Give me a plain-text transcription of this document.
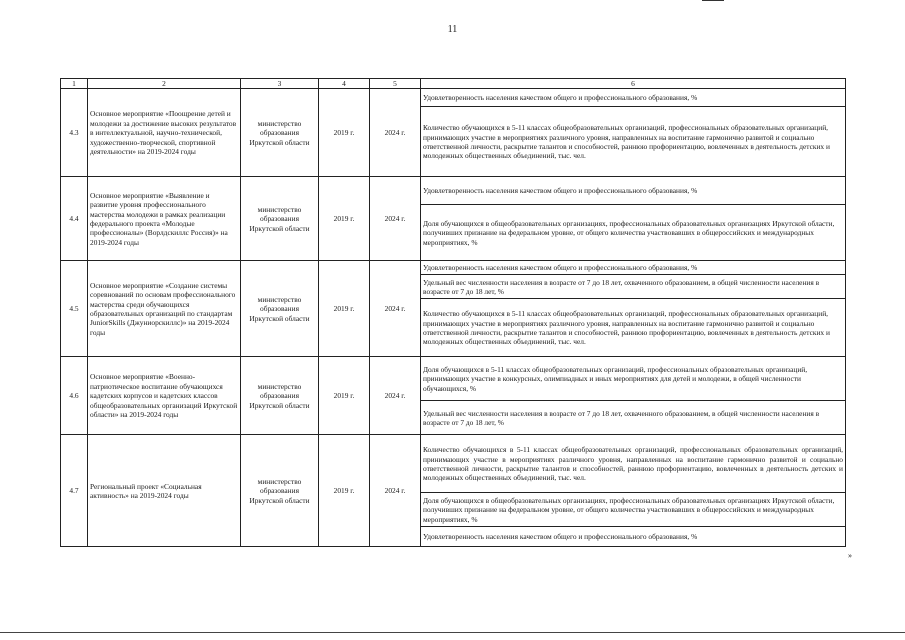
11
1	2	3	4	5	6
4.3	Основное мероприятие «Поощрение детей и молодежи за достижение высоких результатов в интеллектуальной, научно-технической, художественно-творческой, спортивной деятельности» на 2019-2024 годы	министерство образования Иркутской области	2019 г.	2024 г.	Удовлетворенность населения качеством общего и профессионального образования, %
					Количество обучающихся в 5-11 классах общеобразовательных организаций, профессиональных образовательных организаций, принимающих участие в мероприятиях различного уровня, направленных на воспитание гармонично развитой и социально ответственной личности, раскрытие талантов и способностей, раннюю профориентацию, вовлеченных в деятельность детских и молодежных общественных объединений, тыс. чел.
4.4	Основное мероприятие «Выявление и развитие уровня профессионального мастерства молодежи в рамках реализации федерального проекта «Молодые профессионалы» (Ворлдскиллс Россия)» на 2019-2024 годы	министерство образования Иркутской области	2019 г.	2024 г.	Удовлетворенность населения качеством общего и профессионального образования, %
					Доля обучающихся в общеобразовательных организациях, профессиональных образовательных организациях Иркутской области, получивших признание на федеральном уровне, от общего количества участвовавших в общероссийских и международных мероприятиях, %
4.5	Основное мероприятие «Создание системы соревнований по основам профессионального мастерства среди обучающихся образовательных организаций по стандартам JuniorSkills (Джуниорскиллс)» на 2019-2024 годы	министерство образования Иркутской области	2019 г.	2024 г.	Удовлетворенность населения качеством общего и профессионального образования, %
					Удельный вес численности населения в возрасте от 7 до 18 лет, охваченного образованием, в общей численности населения в возрасте от 7 до 18 лет, %
					Количество обучающихся в 5-11 классах общеобразовательных организаций, профессиональных образовательных организаций, принимающих участие в мероприятиях различного уровня, направленных на воспитание гармонично развитой и социально ответственной личности, раскрытие талантов и способностей, раннюю профориентацию, вовлеченных в деятельность детских и молодежных общественных объединений, тыс. чел.
4.6	Основное мероприятие «Военно-патриотическое воспитание обучающихся кадетских корпусов и кадетских классов общеобразовательных организаций Иркутской области» на 2019-2024 годы	министерство образования Иркутской области	2019 г.	2024 г.	Доля обучающихся в 5-11 классах общеобразовательных организаций, профессиональных образовательных организаций, принимающих участие в конкурсных, олимпиадных и иных мероприятиях для детей и молодежи, в общей численности обучающихся, %
					Удельный вес численности населения в возрасте от 7 до 18 лет, охваченного образованием, в общей численности населения в возрасте от 7 до 18 лет, %
4.7	Региональный проект «Социальная активность» на 2019-2024 годы	министерство образования Иркутской области	2019 г.	2024 г.	Количество обучающихся в 5-11 классах общеобразовательных организаций, профессиональных образовательных организаций, принимающих участие в мероприятиях различного уровня, направленных на воспитание гармонично развитой и социально ответственной личности, раскрытие талантов и способностей, раннюю профориентацию, вовлеченных в деятельность детских и молодежных общественных объединений, тыс. чел.
					Доля обучающихся в общеобразовательных организациях, профессиональных образовательных организациях Иркутской области, получивших признание на федеральном уровне, от общего количества участвовавших в общероссийских и международных мероприятиях, %
					Удовлетворенность населения качеством общего и профессионального образования, %
»
